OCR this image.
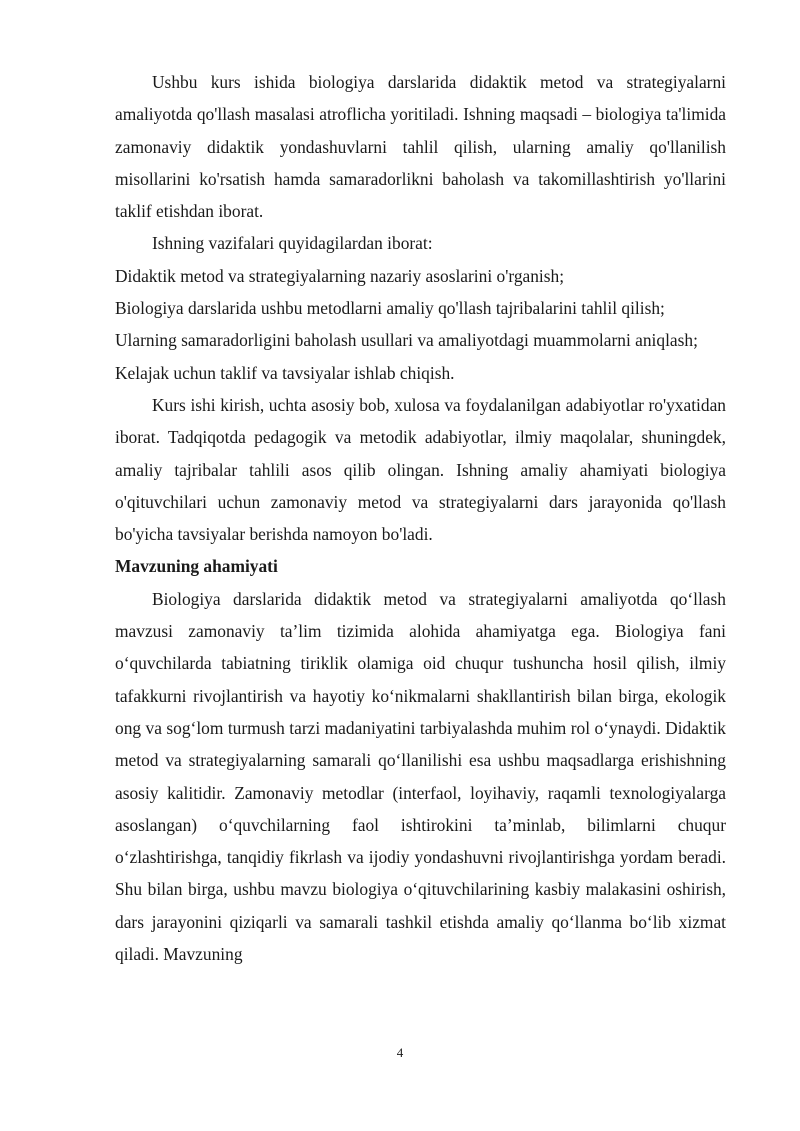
Ushbu kurs ishida biologiya darslarida didaktik metod va strategiyalarni amaliyotda qo'llash masalasi atroflicha yoritiladi. Ishning maqsadi – biologiya ta'limida zamonaviy didaktik yondashuvlarni tahlil qilish, ularning amaliy qo'llanilish misollarini ko'rsatish hamda samaradorlikni baholash va takomillashtirish yo'llarini taklif etishdan iborat.

Ishning vazifalari quyidagilardan iborat:

Didaktik metod va strategiyalarning nazariy asoslarini o'rganish;

Biologiya darslarida ushbu metodlarni amaliy qo'llash tajribalarini tahlil qilish;

Ularning samaradorligini baholash usullari va amaliyotdagi muammolarni aniqlash;

Kelajak uchun taklif va tavsiyalar ishlab chiqish.

Kurs ishi kirish, uchta asosiy bob, xulosa va foydalanilgan adabiyotlar ro'yxatidan iborat. Tadqiqotda pedagogik va metodik adabiyotlar, ilmiy maqolalar, shuningdek, amaliy tajribalar tahlili asos qilib olingan. Ishning amaliy ahamiyati biologiya o'qituvchilari uchun zamonaviy metod va strategiyalarni dars jarayonida qo'llash bo'yicha tavsiyalar berishda namoyon bo'ladi.

Mavzuning ahamiyati

Biologiya darslarida didaktik metod va strategiyalarni amaliyotda qo‘llash mavzusi zamonaviy ta’lim tizimida alohida ahamiyatga ega. Biologiya fani o‘quvchilarda tabiatning tiriklik olamiga oid chuqur tushuncha hosil qilish, ilmiy tafakkurni rivojlantirish va hayotiy ko‘nikmalarni shakllantirish bilan birga, ekologik ong va sog‘lom turmush tarzi madaniyatini tarbiyalashda muhim rol o‘ynaydi. Didaktik metod va strategiyalarning samarali qo‘llanilishi esa ushbu maqsadlarga erishishning asosiy kalitidir. Zamonaviy metodlar (interfaol, loyihaviy, raqamli texnologiyalarga asoslangan) o‘quvchilarning faol ishtirokini ta’minlab, bilimlarni chuqur o‘zlashtirishga, tanqidiy fikrlash va ijodiy yondashuvni rivojlantirishga yordam beradi. Shu bilan birga, ushbu mavzu biologiya o‘qituvchilarining kasbiy malakasini oshirish, dars jarayonini qiziqarli va samarali tashkil etishda amaliy qo‘llanma bo‘lib xizmat qiladi. Mavzuning

4
